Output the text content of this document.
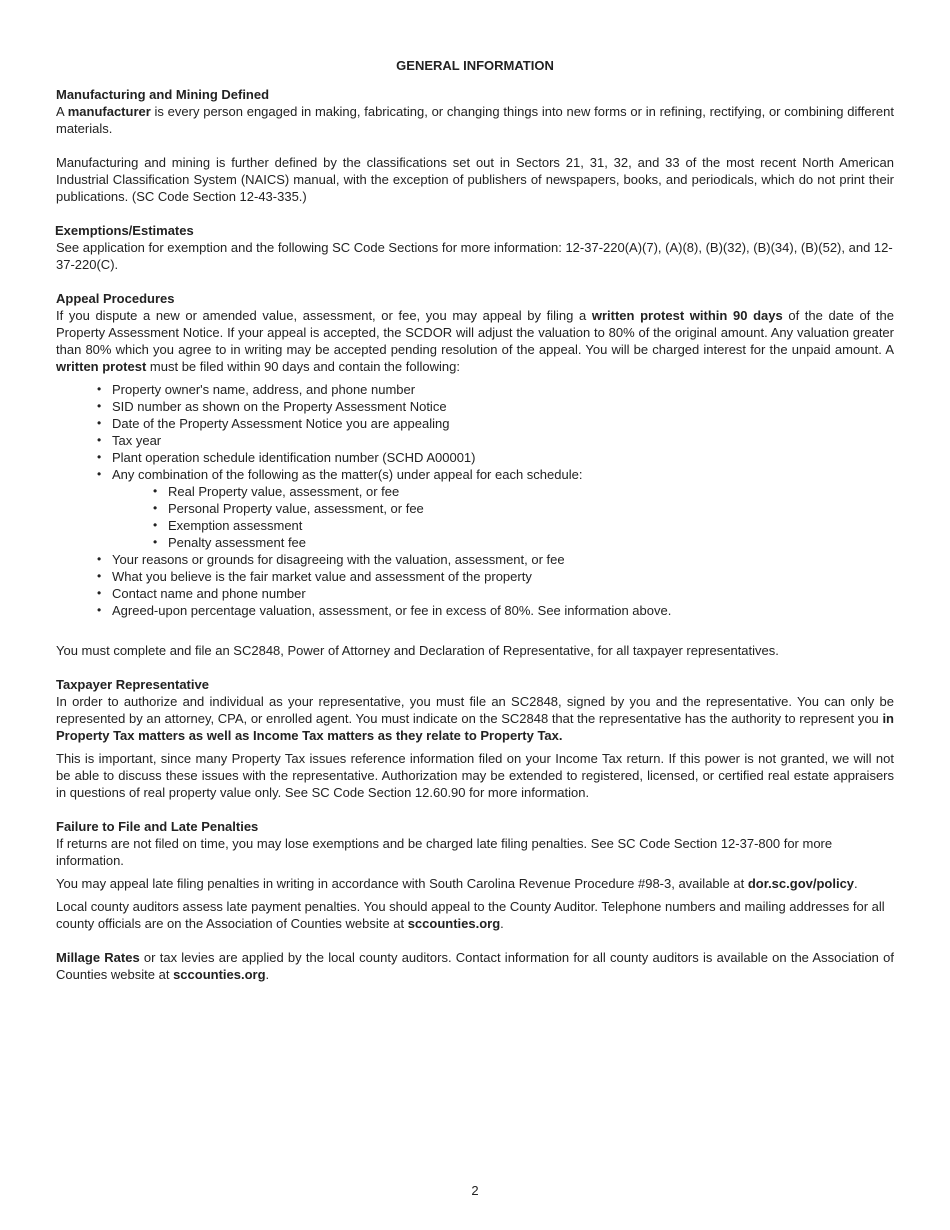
GENERAL INFORMATION
Manufacturing and Mining Defined

A manufacturer is every person engaged in making, fabricating, or changing things into new forms or in refining, rectifying, or combining different materials.

Manufacturing and mining is further defined by the classifications set out in Sectors 21, 31, 32, and 33 of the most recent North American Industrial Classification System (NAICS) manual, with the exception of publishers of newspapers, books, and periodicals, which do not print their publications. (SC Code Section 12-43-335.)

Exemptions/Estimates

See application for exemption and the following SC Code Sections for more information: 12-37-220(A)(7), (A)(8), (B)(32), (B)(34), (B)(52), and 12-37-220(C).

Appeal Procedures

If you dispute a new or amended value, assessment, or fee, you may appeal by filing a written protest within 90 days of the date of the Property Assessment Notice. If your appeal is accepted, the SCDOR will adjust the valuation to 80% of the original amount. Any valuation greater than 80% which you agree to in writing may be accepted pending resolution of the appeal. You will be charged interest for the unpaid amount. A written protest must be filed within 90 days and contain the following:

• Property owner's name, address, and phone number
• SID number as shown on the Property Assessment Notice
• Date of the Property Assessment Notice you are appealing
• Tax year
• Plant operation schedule identification number (SCHD A00001)
• Any combination of the following as the matter(s) under appeal for each schedule:
• Real Property value, assessment, or fee
• Personal Property value, assessment, or fee
• Exemption assessment
• Penalty assessment fee
• Your reasons or grounds for disagreeing with the valuation, assessment, or fee
• What you believe is the fair market value and assessment of the property
• Contact name and phone number
• Agreed-upon percentage valuation, assessment, or fee in excess of 80%. See information above.

You must complete and file an SC2848, Power of Attorney and Declaration of Representative, for all taxpayer representatives.

Taxpayer Representative

In order to authorize and individual as your representative, you must file an SC2848, signed by you and the representative. You can only be represented by an attorney, CPA, or enrolled agent. You must indicate on the SC2848 that the representative has the authority to represent you in Property Tax matters as well as Income Tax matters as they relate to Property Tax.

This is important, since many Property Tax issues reference information filed on your Income Tax return. If this power is not granted, we will not be able to discuss these issues with the representative. Authorization may be extended to registered, licensed, or certified real estate appraisers in questions of real property value only. See SC Code Section 12.60.90 for more information.

Failure to File and Late Penalties

If returns are not filed on time, you may lose exemptions and be charged late filing penalties. See SC Code Section 12-37-800 for more information.

You may appeal late filing penalties in writing in accordance with South Carolina Revenue Procedure #98-3, available at dor.sc.gov/policy.

Local county auditors assess late payment penalties. You should appeal to the County Auditor. Telephone numbers and mailing addresses for all county officials are on the Association of Counties website at sccounties.org.

Millage Rates or tax levies are applied by the local county auditors. Contact information for all county auditors is available on the Association of Counties website at sccounties.org.

2
